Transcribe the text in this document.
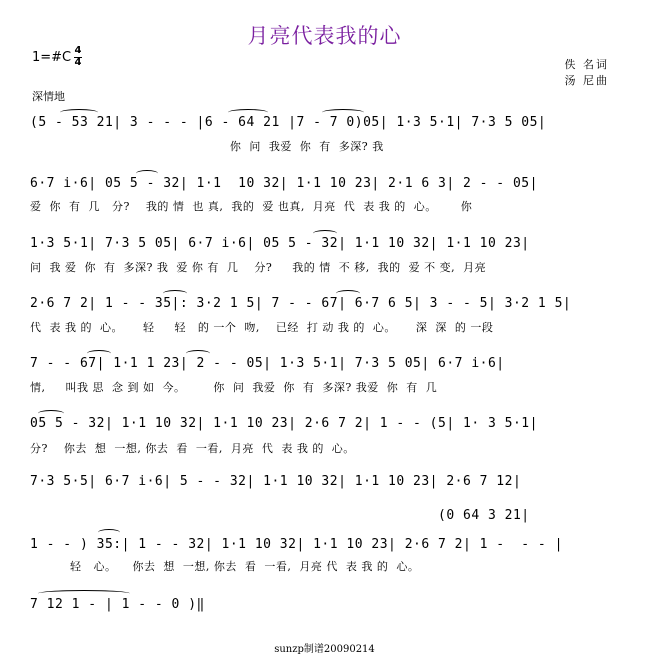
月亮代表我的心
1=#C 4
4	佚 名词
汤 尼曲
深情地
(5 - 53 21| 3 - - - |6 - 64 21 |7 - 7 0)05| 1·3 5·1| 7·3 5 05|
你  问  我爱  你  有  多深? 我
6·7 i·6| 05 5 - 32| 1·1  10 32| 1·1 10 23| 2·1 6 3| 2 - - 05|
爱  你  有  几   分?    我的 情  也 真,  我的  爱 也真,  月亮  代  表 我 的  心。      你
1·3 5·1| 7·3 5 05| 6·7 i·6| 05 5 - 32| 1·1 10 32| 1·1 10 23|
问  我 爱  你  有  多深? 我  爱 你 有  几    分?     我的 情  不 移,  我的  爱 不 变,  月亮
2·6 7 2| 1 - - 35|: 3·2 1 5| 7 - - 67| 6·7 6 5| 3 - - 5| 3·2 1 5|
代  表 我 的  心。     轻     轻   的 一个  吻,    已经  打 动 我 的  心。     深  深  的 一段
7 - - 67| 1·1 1 23| 2 - - 05| 1·3 5·1| 7·3 5 05| 6·7 i·6|
情,     叫我 思  念 到 如  今。       你  问  我爱  你  有  多深? 我爱  你  有  几
05 5 - 32| 1·1 10 32| 1·1 10 23| 2·6 7 2| 1 - - (5| 1· 3 5·1|
分?    你去  想  一想, 你去  看  一看,  月亮  代  表 我 的  心。
7·3 5·5| 6·7 i·6| 5 - - 32| 1·1 10 32| 1·1 10 23| 2·6 7 12|
(0 64 3 21|
1 - - ) 35:| 1 - - 32| 1·1 10 32| 1·1 10 23| 2·6 7 2| 1 -  - - |
轻   心。    你去  想  一想, 你去  看  一看,  月亮 代  表 我 的  心。
7 12 1 - | 1 - - 0 )‖
sunzp制谱20090214
